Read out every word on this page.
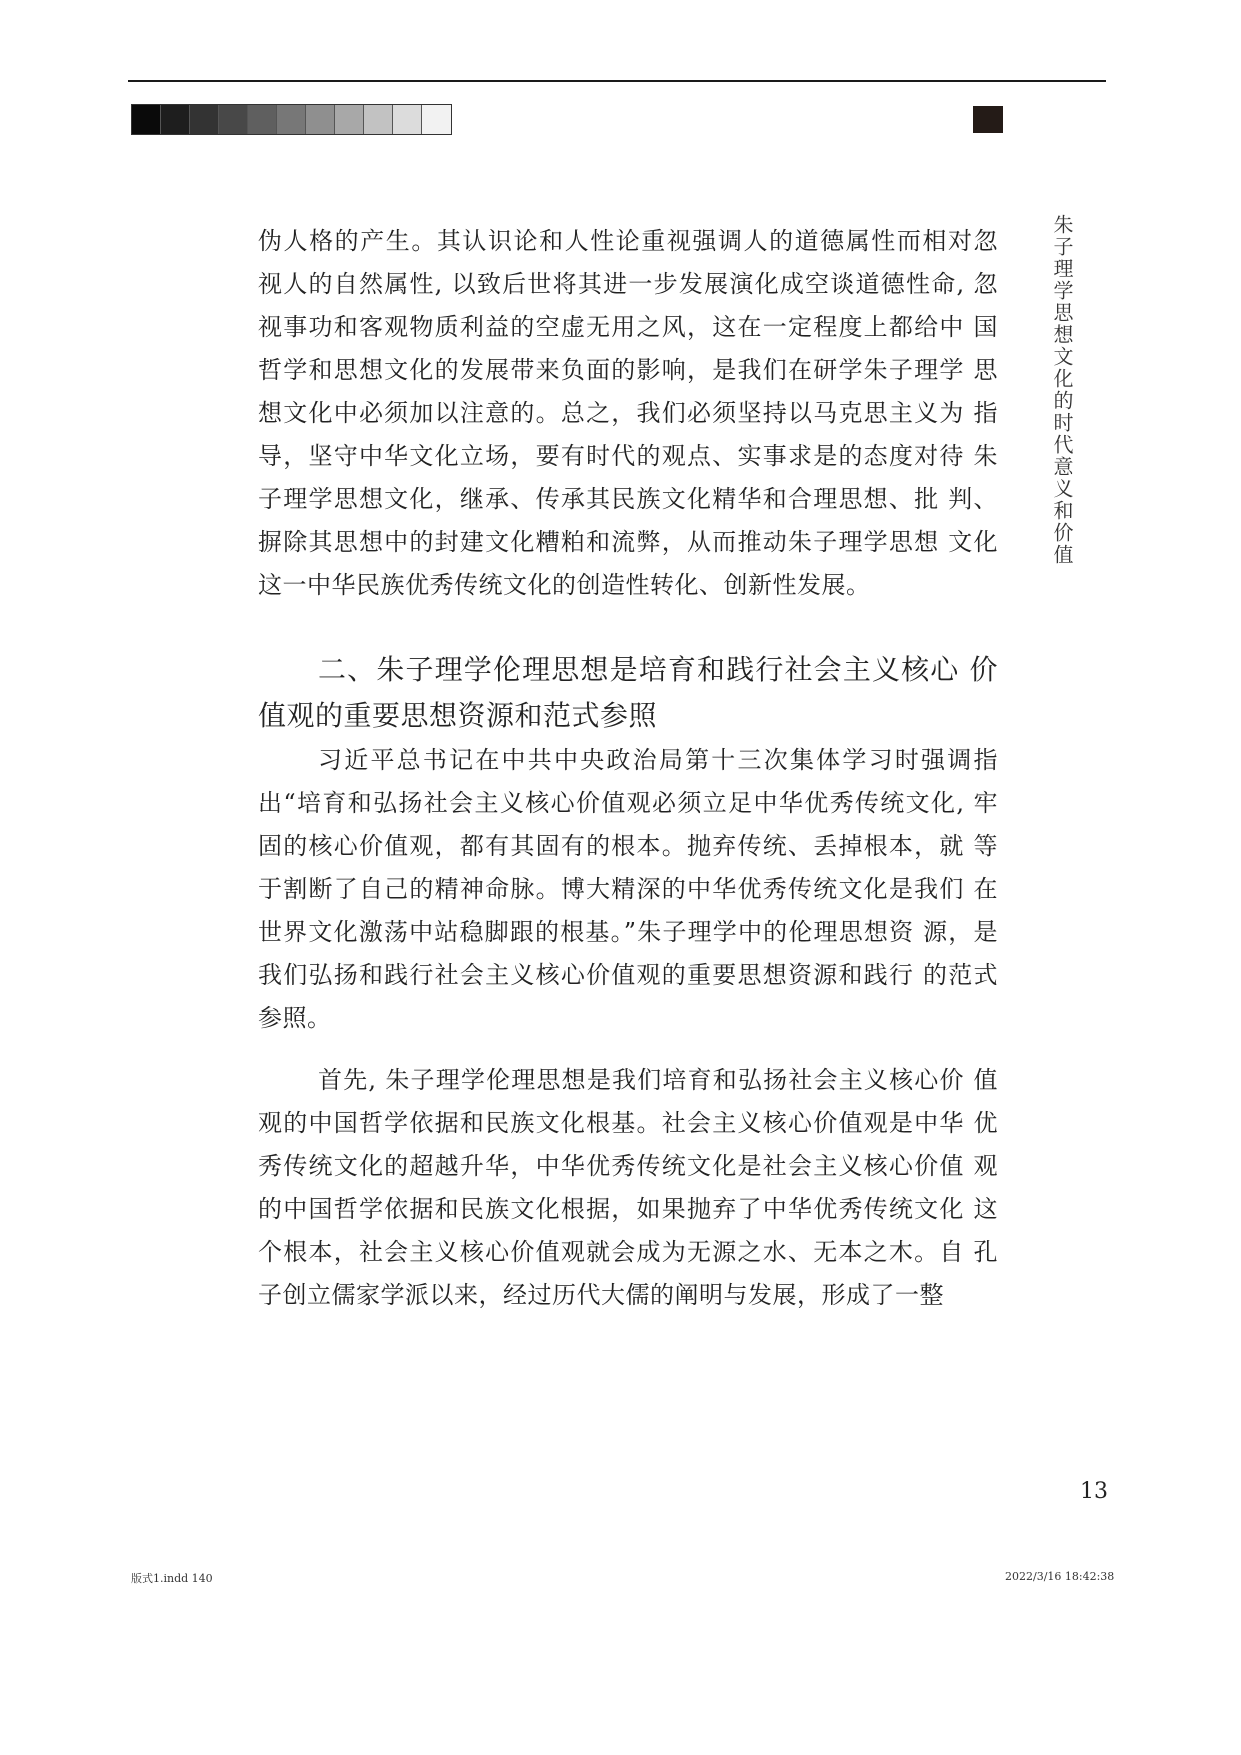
朱子理学思想文化的时代意义和价值
伪人格的产生。其认识论和人性论重视强调人的道德属性而相对忽
视人的自然属性, 以致后世将其进一步发展演化成空谈道德性命, 忽
视事功和客观物质利益的空虚无用之风，这在一定程度上都给中 国
哲学和思想文化的发展带来负面的影响，是我们在研学朱子理学 思
想文化中必须加以注意的。总之，我们必须坚持以马克思主义为 指
导，坚守中华文化立场，要有时代的观点、实事求是的态度对待 朱
子理学思想文化，继承、传承其民族文化精华和合理思想、批 判、
摒除其思想中的封建文化糟粕和流弊，从而推动朱子理学思想 文化
这一中华民族优秀传统文化的创造性转化、创新性发展。
二、朱子理学伦理思想是培育和践行社会主义核心 价
值观的重要思想资源和范式参照
习近平总书记在中共中央政治局第十三次集体学习时强调指
出“培育和弘扬社会主义核心价值观必须立足中华优秀传统文化, 牢
固的核心价值观，都有其固有的根本。抛弃传统、丢掉根本，就 等
于割断了自己的精神命脉。博大精深的中华优秀传统文化是我们 在
世界文化激荡中站稳脚跟的根基。”朱子理学中的伦理思想资 源，是
我们弘扬和践行社会主义核心价值观的重要思想资源和践行 的范式
参照。
首先, 朱子理学伦理思想是我们培育和弘扬社会主义核心价 值
观的中国哲学依据和民族文化根基。社会主义核心价值观是中华 优
秀传统文化的超越升华，中华优秀传统文化是社会主义核心价值 观
的中国哲学依据和民族文化根据，如果抛弃了中华优秀传统文化 这
个根本，社会主义核心价值观就会成为无源之水、无本之木。自 孔
子创立儒家学派以来，经过历代大儒的阐明与发展，形成了一整
13
版式1.indd 140	2022/3/16 18:42:38
